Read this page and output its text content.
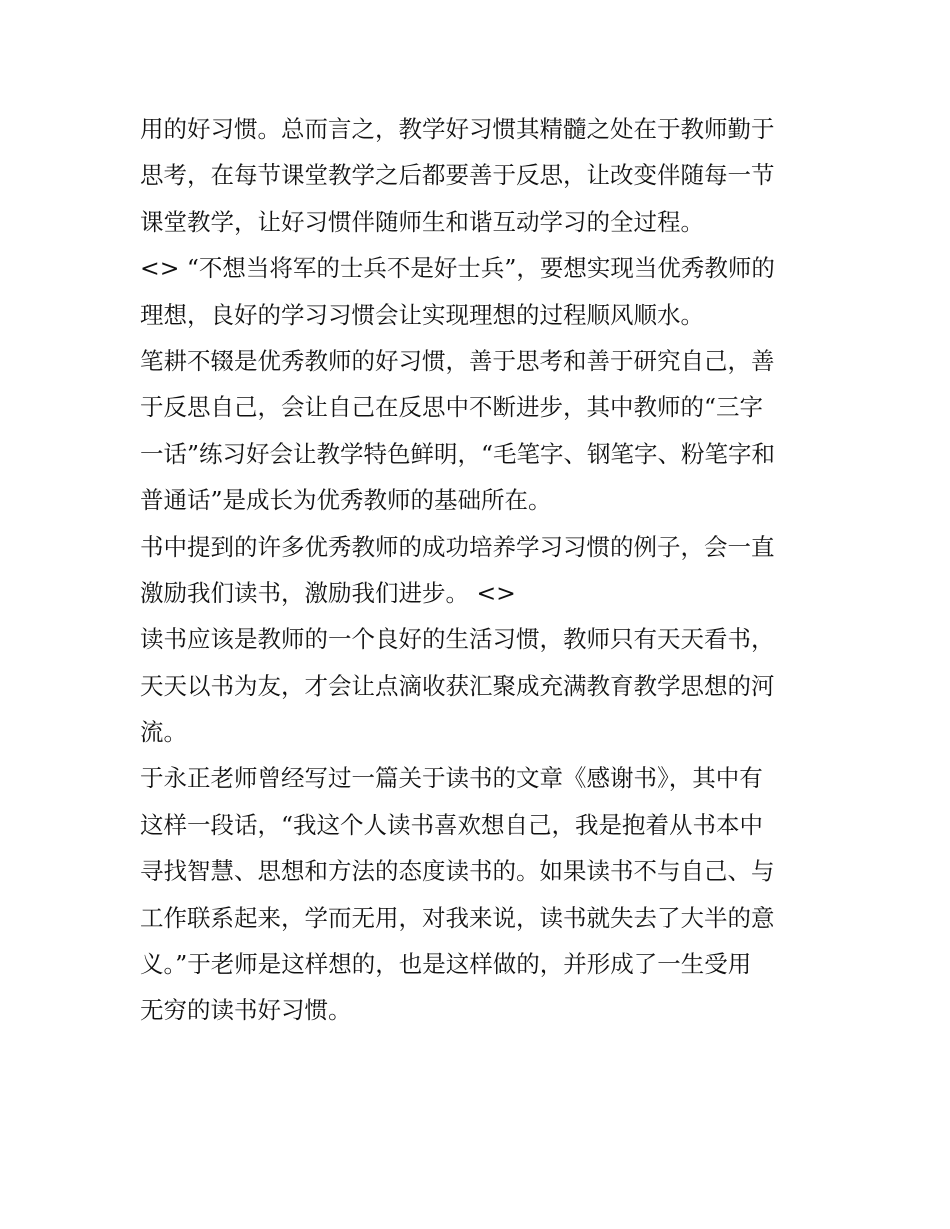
用的好习惯。总而言之，教学好习惯其精髓之处在于教师勤于
思考，在每节课堂教学之后都要善于反思，让改变伴随每一节
课堂教学，让好习惯伴随师生和谐互动学习的全过程。
<> “不想当将军的士兵不是好士兵”，要想实现当优秀教师的
理想，良好的学习习惯会让实现理想的过程顺风顺水。
笔耕不辍是优秀教师的好习惯，善于思考和善于研究自己，善
于反思自己，会让自己在反思中不断进步，其中教师的“三字
一话”练习好会让教学特色鲜明，“毛笔字、钢笔字、粉笔字和
普通话”是成长为优秀教师的基础所在。
书中提到的许多优秀教师的成功培养学习习惯的例子，会一直
激励我们读书，激励我们进步。 <>
读书应该是教师的一个良好的生活习惯，教师只有天天看书，
天天以书为友，才会让点滴收获汇聚成充满教育教学思想的河
流。
于永正老师曾经写过一篇关于读书的文章《感谢书》，其中有
这样一段话，“我这个人读书喜欢想自己，我是抱着从书本中
寻找智慧、思想和方法的态度读书的。如果读书不与自己、与
工作联系起来，学而无用，对我来说，读书就失去了大半的意
义。”于老师是这样想的，也是这样做的，并形成了一生受用
无穷的读书好习惯。
